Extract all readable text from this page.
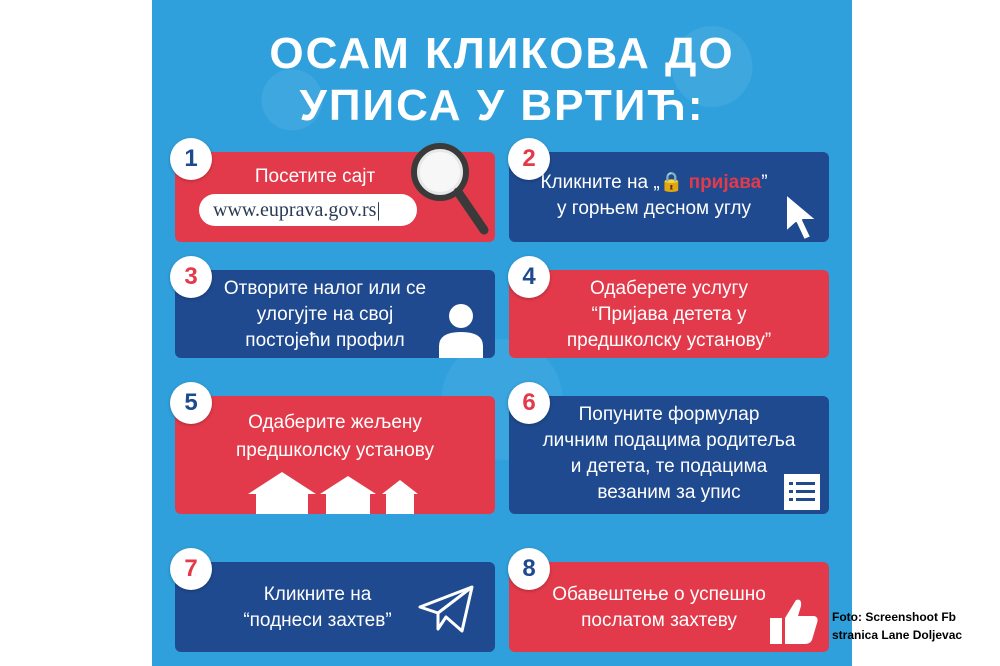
ОСАМ КЛИКОВА ДО
УПИСА У ВРТИЋ:
Посетите сајт
www.euprava.gov.rs|
1
Кликните на „🔒 пријава”
у горњем десном углу
2
Отворите налог или се
улогујте на свој
постојећи профил
3	Одаберете услугу
“Пријава детета у
предшколску установу”
4
Одаберите жељену
предшколску установу
5	Попуните формулар
личним подацима родитеља
и детета, те подацима
везаним за упис
6
Кликните на
“поднеси захтев”
7
Обавештење о успешно
послатом захтеву
8
Foto: Screenshoot Fb
stranica Lane Doljevac
